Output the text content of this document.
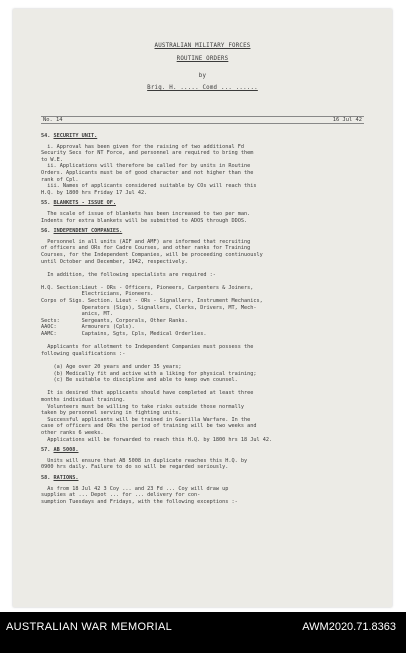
AUSTRALIAN MILITARY FORCES
ROUTINE ORDERS
by
Brig. H. ..... Comd ... ......
No. 14	16 Jul 42
54. SECURITY UNIT.
i. Approval has been given for the raising of two additional Fd
Security Secs for NT Force, and personnel are required to bring them
to W.E.
ii. Applications will therefore be called for by units in Routine
Orders. Applicants must be of good character and not higher than the
rank of Cpl.
iii. Names of applicants considered suitable by COs will reach this
H.Q. by 1800 hrs Friday 17 Jul 42.
55. BLANKETS - ISSUE OF.
The scale of issue of blankets has been increased to two per man.
Indents for extra blankets will be submitted to ADOS through DDOS.
56. INDEPENDENT COMPANIES.
Personnel in all units (AIF and AMF) are informed that recruiting
of officers and ORs for Cadre Courses, and other ranks for Training
Courses, for the Independent Companies, will be proceeding continuously
until October and December, 1942, respectively.
In addition, the following specialists are required :-
H.Q. Section:Lieut - ORs - Officers, Pioneers, Carpenters & Joiners,
Electricians, Pioneers.
Corps of Sigs. Section. Lieut - ORs - Signallers, Instrument Mechanics,
Operators (Sigs), Signallers, Clerks, Drivers, MT, Mech-
anics, MT.
Sects:       Sergeants, Corporals, Other Ranks.
AAOC:        Armourers (Cpls).
AAMC:        Captains, Sgts, Cpls, Medical Orderlies.
Applicants for allotment to Independent Companies must possess the
following qualifications :-
(a) Age over 20 years and under 35 years;
(b) Medically fit and active with a liking for physical training;
(c) Be suitable to discipline and able to keep own counsel.
It is desired that applicants should have completed at least three
months individual training.
Volunteers must be willing to take risks outside those normally
taken by personnel serving in fighting units.
Successful applicants will be trained in Guerilla Warfare. In the
case of officers and ORs the period of training will be two weeks and
other ranks 6 weeks.
Applications will be forwarded to reach this H.Q. by 1800 hrs 18 Jul 42.
57. AB 5008.
Units will ensure that AB 5008 in duplicate reaches this H.Q. by
0900 hrs daily. Failure to do so will be regarded seriously.
58. RATIONS.
As from 18 Jul 42 3 Coy ... and 23 Fd ... Coy will draw up
supplies at ... Depot ... for ... delivery for con-
sumption Tuesdays and Fridays, with the following exceptions :-
AUSTRALIAN WAR MEMORIAL	AWM2020.71.8363
